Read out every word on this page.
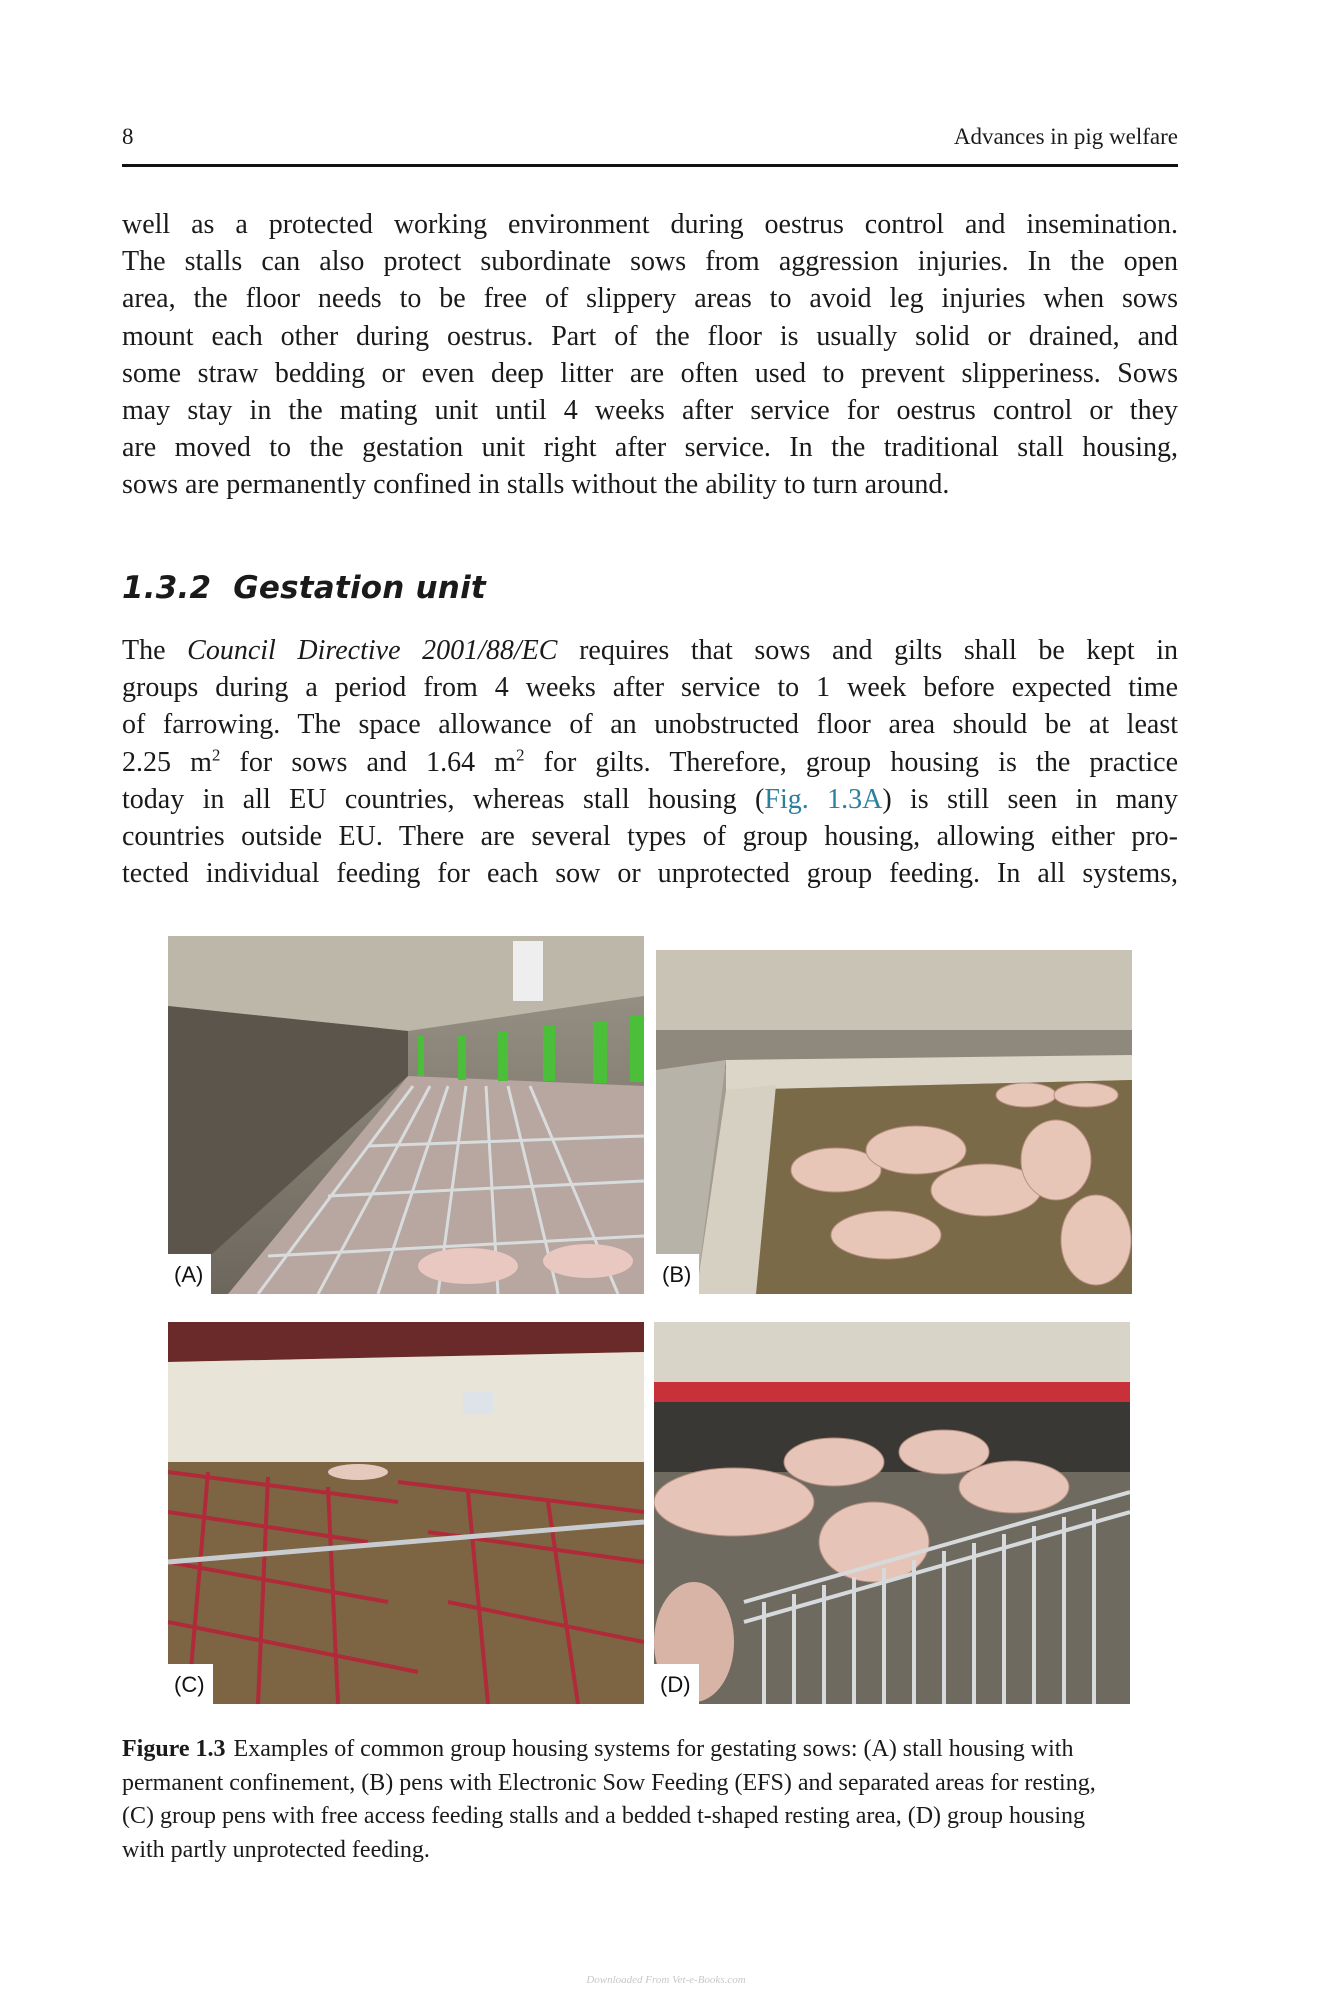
8	Advances in pig welfare
well as a protected working environment during oestrus control and insemination.
The stalls can also protect subordinate sows from aggression injuries. In the open
area, the floor needs to be free of slippery areas to avoid leg injuries when sows
mount each other during oestrus. Part of the floor is usually solid or drained, and
some straw bedding or even deep litter are often used to prevent slipperiness. Sows
may stay in the mating unit until 4 weeks after service for oestrus control or they
are moved to the gestation unit right after service. In the traditional stall housing,
sows are permanently confined in stalls without the ability to turn around.
1.3.2 Gestation unit
The Council Directive 2001/88/EC requires that sows and gilts shall be kept in
groups during a period from 4 weeks after service to 1 week before expected time
of farrowing. The space allowance of an unobstructed floor area should be at least
2.25 $m^2$ for sows and 1.64 $m^2$ for gilts. Therefore, group housing is the practice
today in all EU countries, whereas stall housing (Fig. 1.3A) is still seen in many
countries outside EU. There are several types of group housing, allowing either pro-
tected individual feeding for each sow or unprotected group feeding. In all systems,
(A)	(B)
(C)	(D)
Figure 1.3 Examples of common group housing systems for gestating sows: (A) stall housing with permanent confinement, (B) pens with Electronic Sow Feeding (EFS) and separated areas for resting, (C) group pens with free access feeding stalls and a bedded t-shaped resting area, (D) group housing with partly unprotected feeding.
Downloaded From Vet-e-Books.com
